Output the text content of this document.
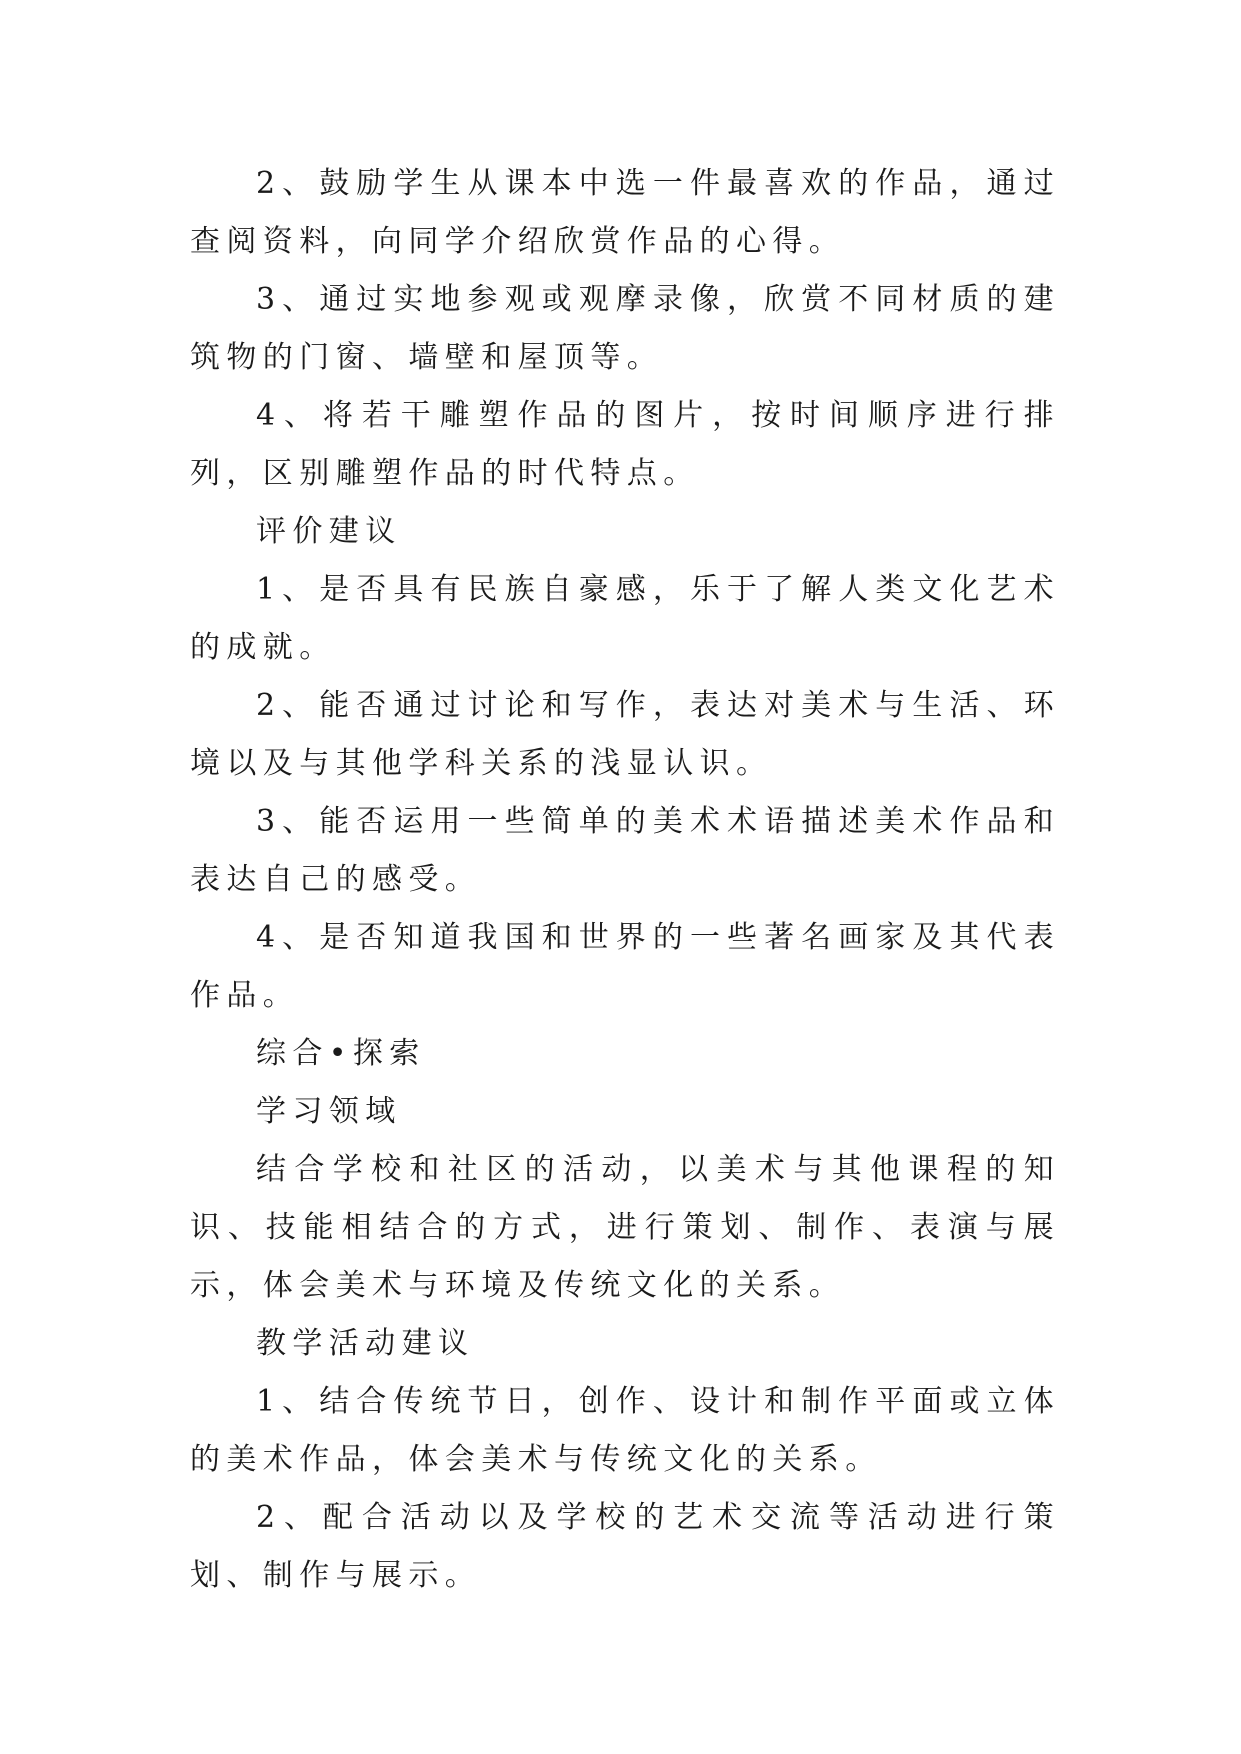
2、鼓励学生从课本中选一件最喜欢的作品，通过查阅资料，向同学介绍欣赏作品的心得。

3、通过实地参观或观摩录像，欣赏不同材质的建筑物的门窗、墙壁和屋顶等。

4、将若干雕塑作品的图片，按时间顺序进行排列，区别雕塑作品的时代特点。

评价建议

1、是否具有民族自豪感，乐于了解人类文化艺术的成就。

2、能否通过讨论和写作，表达对美术与生活、环境以及与其他学科关系的浅显认识。

3、能否运用一些简单的美术术语描述美术作品和表达自己的感受。

4、是否知道我国和世界的一些著名画家及其代表作品。

综合•探索

学习领域

结合学校和社区的活动，以美术与其他课程的知识、技能相结合的方式，进行策划、制作、表演与展示，体会美术与环境及传统文化的关系。

教学活动建议

1、结合传统节日，创作、设计和制作平面或立体的美术作品，体会美术与传统文化的关系。

2、配合活动以及学校的艺术交流等活动进行策划、制作与展示。
